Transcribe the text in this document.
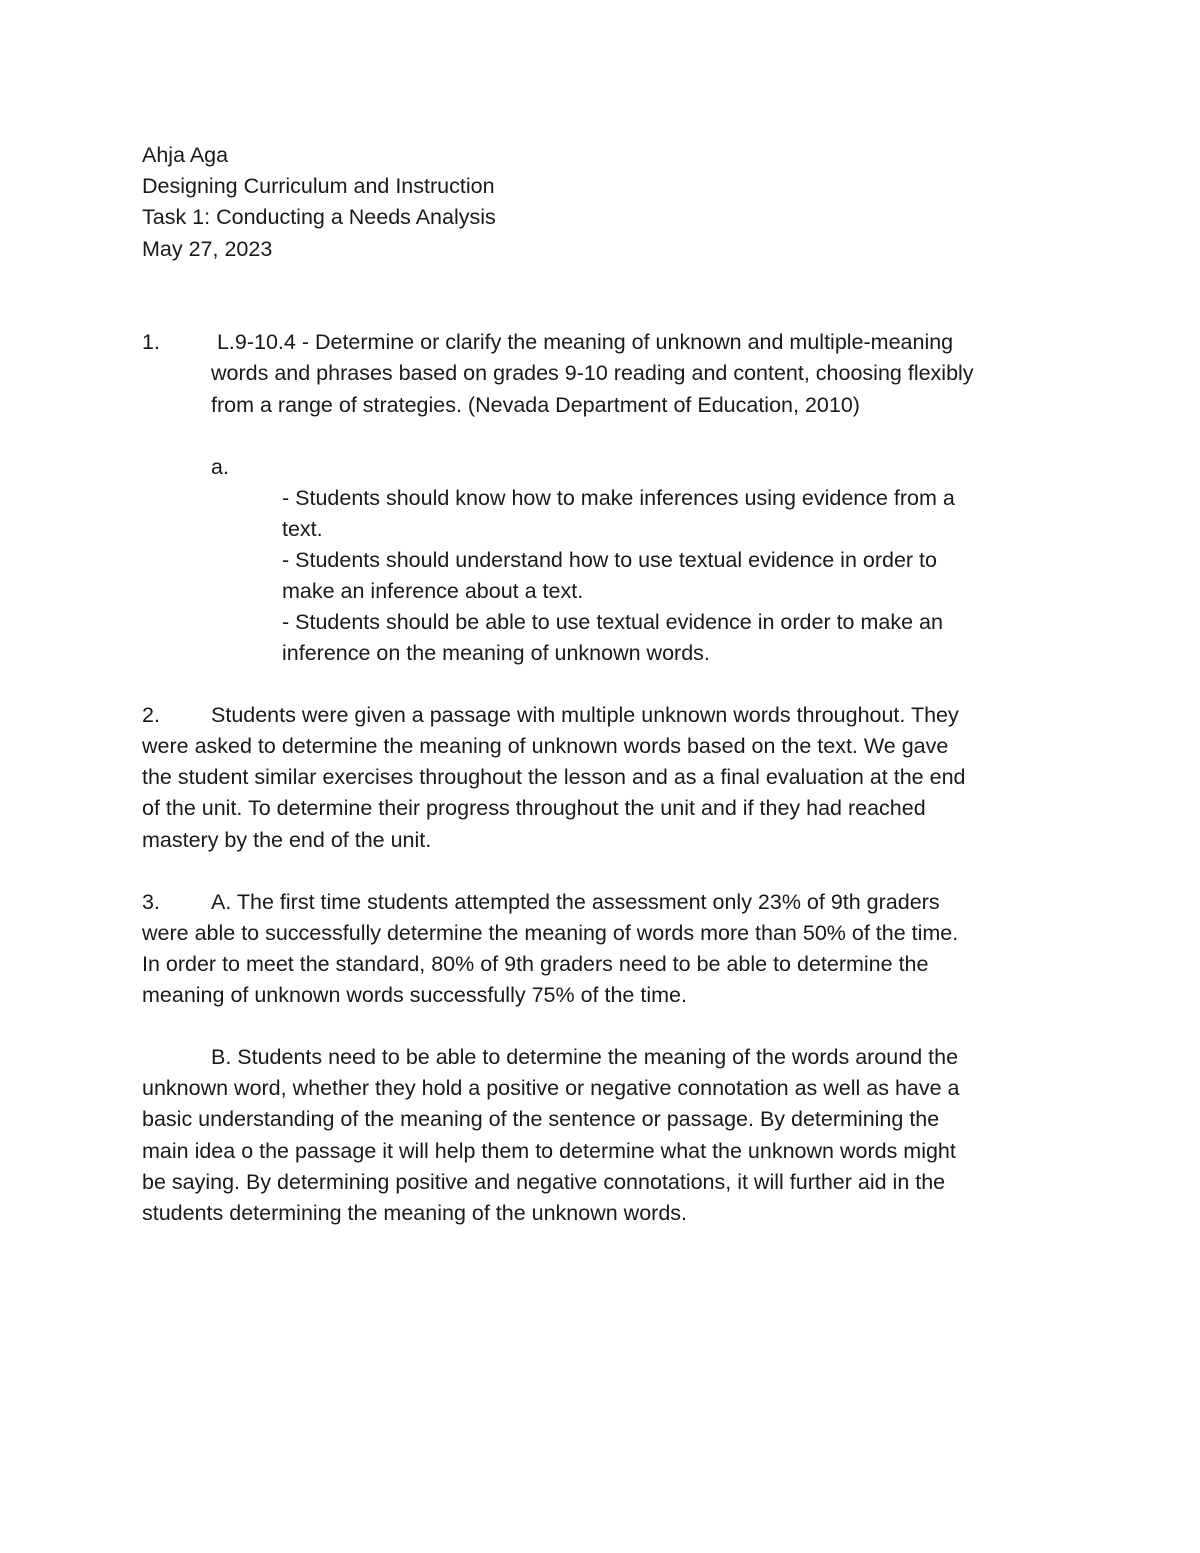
Ahja Aga
Designing Curriculum and Instruction
Task 1: Conducting a Needs Analysis
May 27, 2023
1. L.9-10.4 - Determine or clarify the meaning of unknown and multiple-meaning
words and phrases based on grades 9-10 reading and content, choosing flexibly
from a range of strategies. (Nevada Department of Education, 2010)
a.
- Students should know how to make inferences using evidence from a
text.
- Students should understand how to use textual evidence in order to
make an inference about a text.
- Students should be able to use textual evidence in order to make an
inference on the meaning of unknown words.
2. Students were given a passage with multiple unknown words throughout. They
were asked to determine the meaning of unknown words based on the text. We gave
the student similar exercises throughout the lesson and as a final evaluation at the end
of the unit. To determine their progress throughout the unit and if they had reached
mastery by the end of the unit.
3. A. The first time students attempted the assessment only 23% of 9th graders
were able to successfully determine the meaning of words more than 50% of the time.
In order to meet the standard, 80% of 9th graders need to be able to determine the
meaning of unknown words successfully 75% of the time.
B. Students need to be able to determine the meaning of the words around the
unknown word, whether they hold a positive or negative connotation as well as have a
basic understanding of the meaning of the sentence or passage. By determining the
main idea o the passage it will help them to determine what the unknown words might
be saying. By determining positive and negative connotations, it will further aid in the
students determining the meaning of the unknown words.
